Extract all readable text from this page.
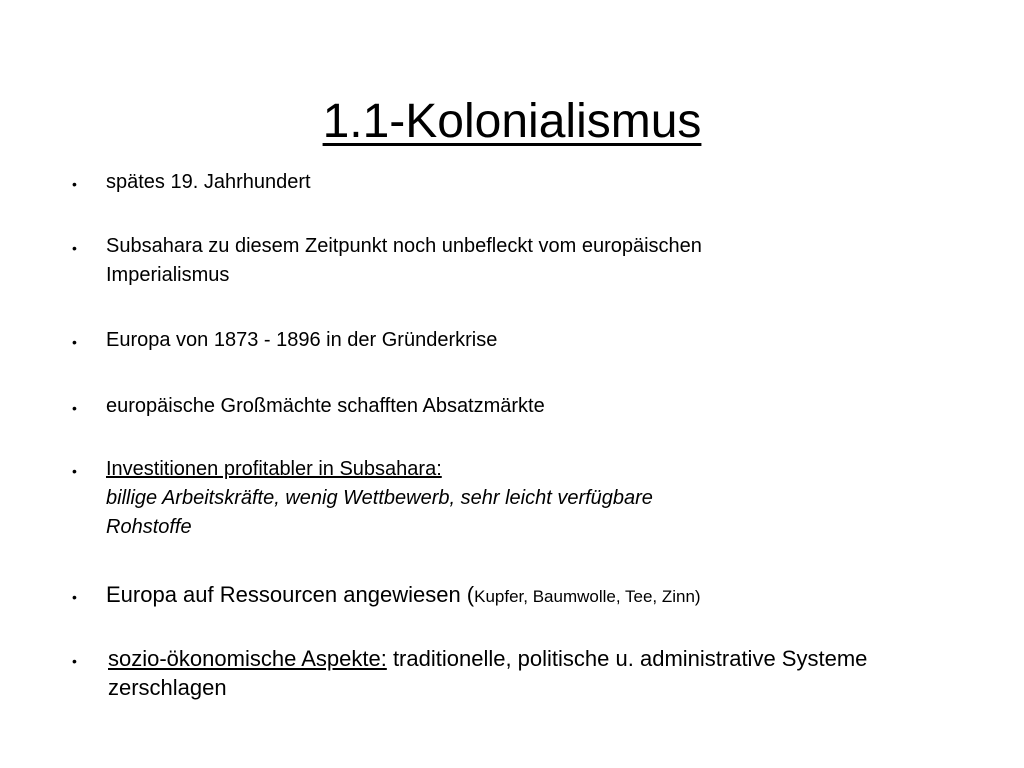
1.1-Kolonialismus
•	spätes 19. Jahrhundert
•	Subsahara zu diesem Zeitpunkt noch unbefleckt vom europäischen
Imperialismus
•	Europa von 1873 - 1896 in der Gründerkrise
•	europäische Großmächte schafften Absatzmärkte
•	Investitionen profitabler in Subsahara:
billige Arbeitskräfte, wenig Wettbewerb, sehr leicht verfügbare
Rohstoffe
•	Europa auf Ressourcen angewiesen (Kupfer, Baumwolle, Tee, Zinn)
•	sozio-ökonomische Aspekte: traditionelle, politische u. administrative Systeme
zerschlagen
